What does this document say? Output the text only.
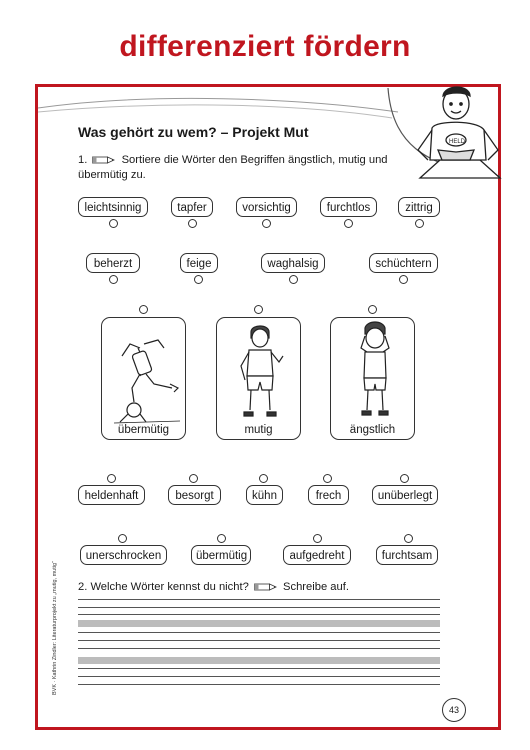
differenziert fördern
HELD
Was gehört zu wem? – Projekt Mut
1.	Sortiere die Wörter den Begriffen ängstlich, mutig und übermütig zu.
leichtsinnig	tapfer	vorsichtig	furchtlos	zittrig
beherzt	feige	waghalsig	schüchtern
übermütig	mutig	ängstlich
heldenhaft	besorgt	kühn	frech	unüberlegt
unerschrocken	übermütig	aufgedreht	furchtsam
2. Welche Wörter kennst du nicht?	Schreibe auf.
BVK · Kathrin Zindler: Literaturprojekt zu „mutig, mutig“
43
